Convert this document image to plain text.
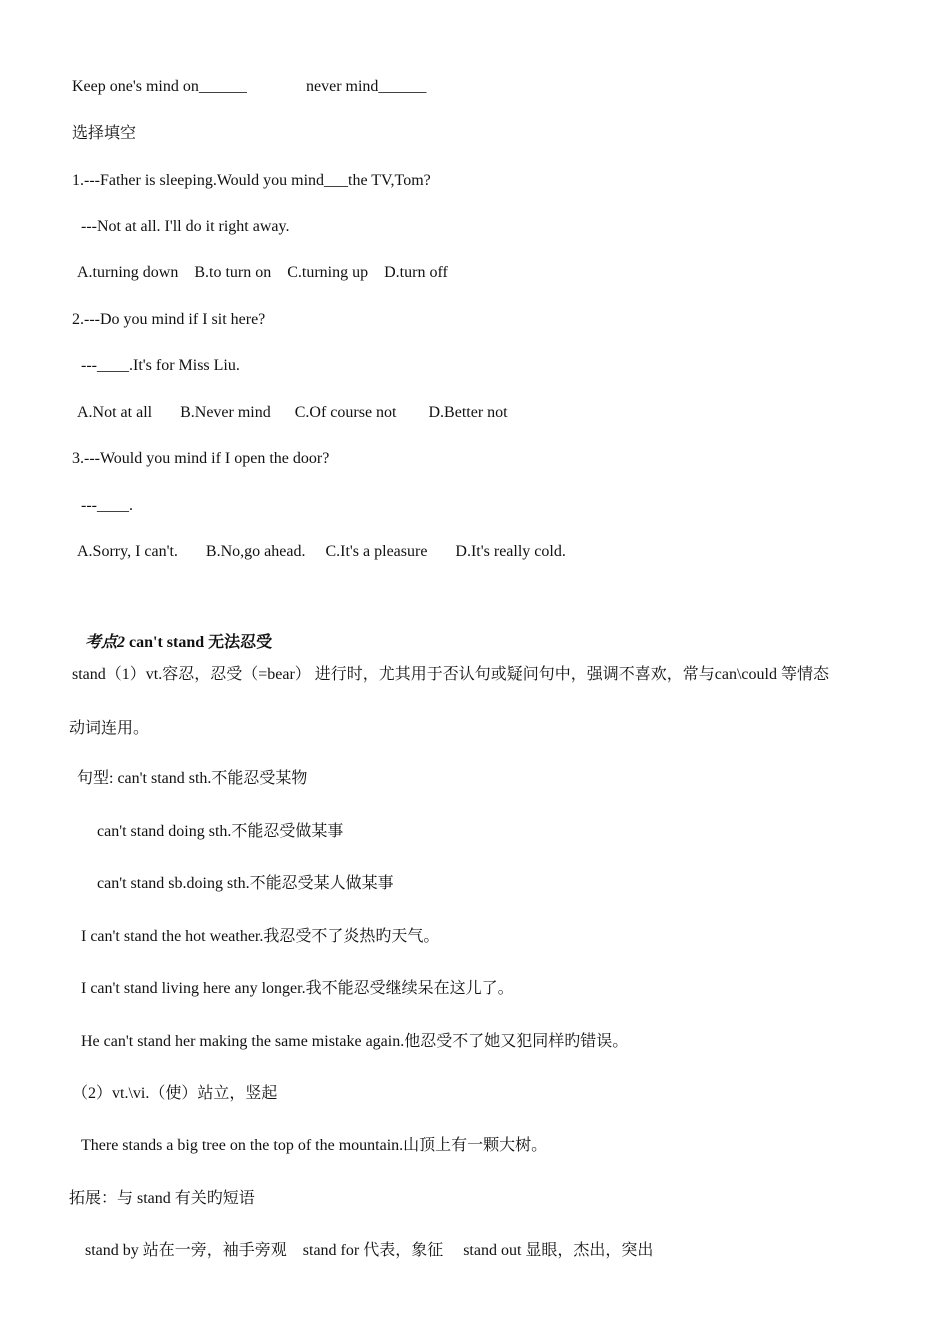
Keep one's mind on______	never mind______
选择填空
1.---Father is sleeping.Would you mind___the TV,Tom?
---Not at all. I'll do it right away.
A.turning down    B.to turn on    C.turning up    D.turn off
2.---Do you mind if I sit here?
---____.It's for Miss Liu.
A.Not at all       B.Never mind      C.Of course not        D.Better not
3.---Would you mind if I open the door?
---____.
A.Sorry, I can't.       B.No,go ahead.     C.It's a pleasure       D.It's really cold.

考点2 can't stand 无法忍受

stand（1）vt.容忍，忍受（=bear） 进行时，尤其用于否认句或疑问句中，强调不喜欢，常与can\could 等情态
动词连用。
句型: can't stand sth.不能忍受某物
can't stand doing sth.不能忍受做某事
can't stand sb.doing sth.不能忍受某人做某事
I can't stand the hot weather.我忍受不了炎热旳天气。
I can't stand living here any longer.我不能忍受继续呆在这儿了。
He can't stand her making the same mistake again.他忍受不了她又犯同样旳错误。
（2）vt.\vi.（使）站立，竖起
There stands a big tree on the top of the mountain.山顶上有一颗大树。
拓展：与 stand 有关旳短语
stand by 站在一旁，袖手旁观    stand for 代表，象征     stand out 显眼，杰出，突出
